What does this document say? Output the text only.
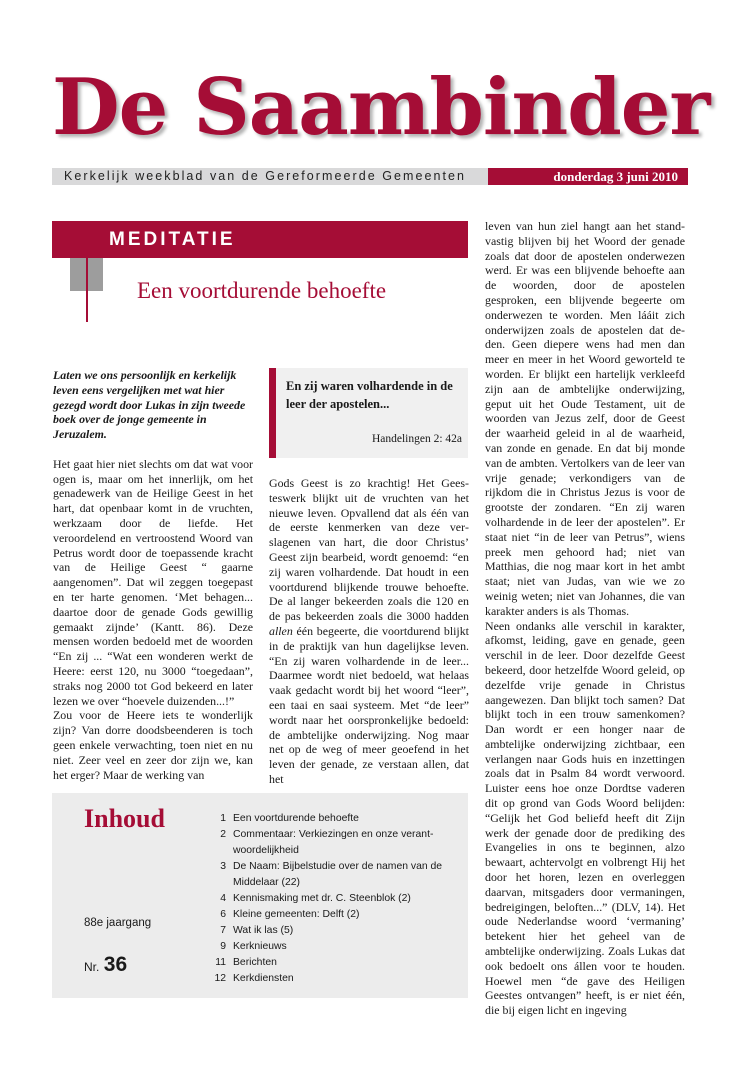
De Saambinder
Kerkelijk weekblad van de Gereformeerde Gemeenten	donderdag 3 juni 2010
MEDITATIE
Een voortdurende behoefte

Laten we ons persoonlijk en kerkelijk leven eens vergelijken met wat hier gezegd wordt door Lukas in zijn tweede boek over de jonge gemeente in Jeruzalem.

Het gaat hier niet slechts om dat wat voor ogen is, maar om het innerlijk, om het genadewerk van de Heilige Geest in het hart, dat openbaar komt in de vruchten, werkzaam door de liefde. Het veroordelend en vertroostend Woord van Petrus wordt door de toepassende kracht van de Heilige Geest “ gaarne aangenomen”. Dat wil zeggen toegepast en ter harte genomen. ‘Met behagen... daartoe door de genade Gods gewillig gemaakt zijnde’ (Kantt. 86). Deze mensen worden bedoeld met de woorden “En zij ... “Wat een wonderen werkt de Heere: eerst 120, nu 3000 “toegedaan”, straks nog 2000 tot God bekeerd en later lezen we over “hoevele duizenden...!”

Zou voor de Heere iets te wonderlijk zijn? Van dorre doodsbeenderen is toch geen enkele verwachting, toen niet en nu niet. Zeer veel en zeer dor zijn we, kan het erger? Maar de werking van

En zij waren volhardende in de leer der apostelen...
Handelingen 2: 42a

Gods Geest is zo krachtig! Het Geesteswerk blijkt uit de vruchten van het nieuwe leven. Opvallend dat als één van de eerste kenmerken van deze verslagenen van hart, die door Christus’ Geest zijn bearbeid, wordt genoemd: “en zij waren volhardende. Dat houdt in een voortdurend blijkende trouwe behoefte. De al langer bekeerden zoals die 120 en de pas bekeerden zoals die 3000 hadden allen één begeerte, die voortdurend blijkt in de praktijk van hun dagelijkse leven. “En zij waren volhardende in de leer... Daarmee wordt niet bedoeld, wat helaas vaak gedacht wordt bij het woord “leer”, een taai en saai systeem. Met “de leer” wordt naar het oorspronkelijke bedoeld: de ambtelijke onderwijzing. Nog maar net op de weg of meer geoefend in het leven der genade, ze verstaan allen, dat het

leven van hun ziel hangt aan het standvastig blijven bij het Woord der genade zoals dat door de apostelen onderwezen werd. Er was een blijvende behoefte aan de woorden, door de apostelen gesproken, een blijvende begeerte om onderwezen te worden. Men lááit zich onderwijzen zoals de apostelen dat deden. Geen diepere wens had men dan meer en meer in het Woord geworteld te worden. Er blijkt een hartelijk verkleefd zijn aan de ambtelijke onderwijzing, geput uit het Oude Testament, uit de woorden van Jezus zelf, door de Geest der waarheid geleid in al de waarheid, van zonde en genade. En dat bij monde van de ambten. Vertolkers van de leer van vrije genade; verkondigers van de rijkdom die in Christus Jezus is voor de grootste der zondaren. “En zij waren volhardende in de leer der apostelen”. Er staat niet “in de leer van Petrus”, wiens preek men gehoord had; niet van Matthias, die nog maar kort in het ambt staat; niet van Judas, van wie we zo weinig weten; niet van Johannes, die van karakter anders is als Thomas.

Neen ondanks alle verschil in karakter, afkomst, leiding, gave en genade, geen verschil in de leer. Door dezelfde Geest bekeerd, door hetzelfde Woord geleid, op dezelfde vrije genade in Christus aangewezen. Dan blijkt toch samen? Dat blijkt toch in een trouw samenkomen? Dan wordt er een honger naar de ambtelijke onderwijzing zichtbaar, een verlangen naar Gods huis en inzettingen zoals dat in Psalm 84 wordt verwoord. Luister eens hoe onze Dordtse vaderen dit op grond van Gods Woord belijden: “Gelijk het God beliefd heeft dit Zijn werk der genade door de prediking des Evangelies in ons te beginnen, alzo bewaart, achtervolgt en volbrengt Hij het door het horen, lezen en overleggen daarvan, mitsgaders door vermaningen, bedreigingen, beloften...” (DLV, 14). Het oude Nederlandse woord ‘vermaning’ betekent hier het geheel van de ambtelijke onderwijzing. Zoals Lukas dat ook bedoelt ons állen voor te houden. Hoewel men “de gave des Heiligen Geestes ontvangen” heeft, is er niet één, die bij eigen licht en ingeving

Inhoud
88e jaargang
Nr. 36
1 Een voortdurende behoefte
2 Commentaar: Verkiezingen en onze verantwoordelijkheid
3 De Naam: Bijbelstudie over de namen van de Middelaar (22)
4 Kennismaking met dr. C. Steenblok (2)
6 Kleine gemeenten: Delft (2)
7 Wat ik las (5)
9 Kerknieuws
11 Berichten
12 Kerkdiensten
